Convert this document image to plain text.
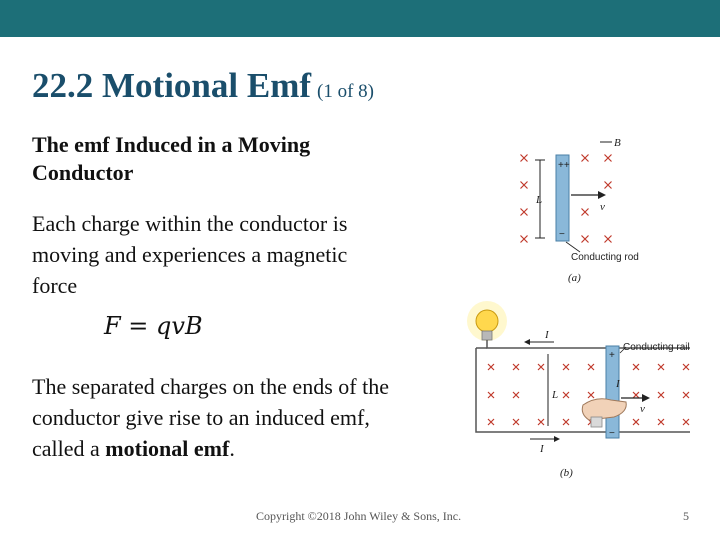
22.2 Motional Emf (1 of 8)
The emf Induced in a Moving Conductor
Each charge within the conductor is moving and experiences a magnetic force
F = qvB
The separated charges on the ends of the conductor give rise to an induced emf, called a motional emf.
B
L
++
−
v
Conducting rod
(a)
I
I
L
+
−
I
v
Conducting rail
(b)
Copyright ©2018 John Wiley & Sons, Inc.	5
